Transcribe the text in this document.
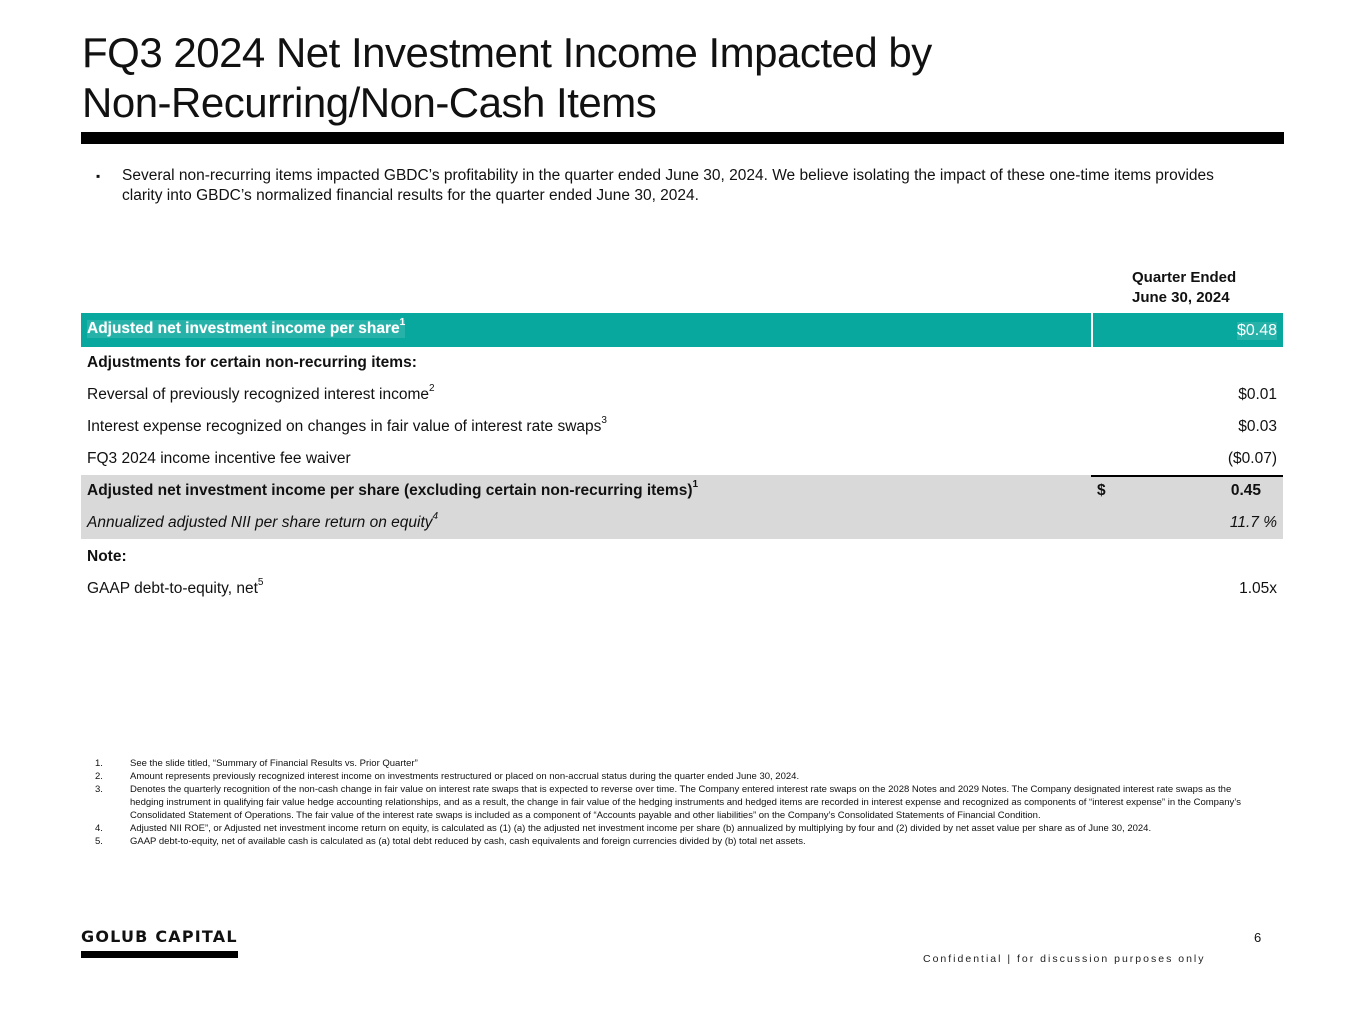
FQ3 2024 Net Investment Income Impacted by
Non-Recurring/Non-Cash Items
▪ Several non-recurring items impacted GBDC’s profitability in the quarter ended June 30, 2024. We believe isolating the impact of these one-time items provides clarity into GBDC’s normalized financial results for the quarter ended June 30, 2024.
Quarter Ended
June 30, 2024
Adjusted net investment income per share$^1$	$0.48
Adjustments for certain non-recurring items:
Reversal of previously recognized interest income$^2$	$0.01
Interest expense recognized on changes in fair value of interest rate swaps$^3$	$0.03
FQ3 2024 income incentive fee waiver	($0.07)
Adjusted net investment income per share (excluding certain non-recurring items)$^1$	$	0.45
Annualized adjusted NII per share return on equity$^4$	11.7 %
Note:
GAAP debt-to-equity, net$^5$	1.05x
1.	See the slide titled, “Summary of Financial Results vs. Prior Quarter”
2.	Amount represents previously recognized interest income on investments restructured or placed on non-accrual status during the quarter ended June 30, 2024.
3.	Denotes the quarterly recognition of the non-cash change in fair value on interest rate swaps that is expected to reverse over time. The Company entered interest rate swaps on the 2028 Notes and 2029 Notes. The Company designated interest rate swaps as the hedging instrument in qualifying fair value hedge accounting relationships, and as a result, the change in fair value of the hedging instruments and hedged items are recorded in interest expense and recognized as components of “interest expense” in the Company’s Consolidated Statement of Operations. The fair value of the interest rate swaps is included as a component of “Accounts payable and other liabilities” on the Company’s Consolidated Statements of Financial Condition.
4.	Adjusted NII ROE”, or Adjusted net investment income return on equity, is calculated as (1) (a) the adjusted net investment income per share (b) annualized by multiplying by four and (2) divided by net asset value per share as of June 30, 2024.
5.	GAAP debt-to-equity, net of available cash is calculated as (a) total debt reduced by cash, cash equivalents and foreign currencies divided by (b) total net assets.
GOLUB CAPITAL	6
Confidential | for discussion purposes only
